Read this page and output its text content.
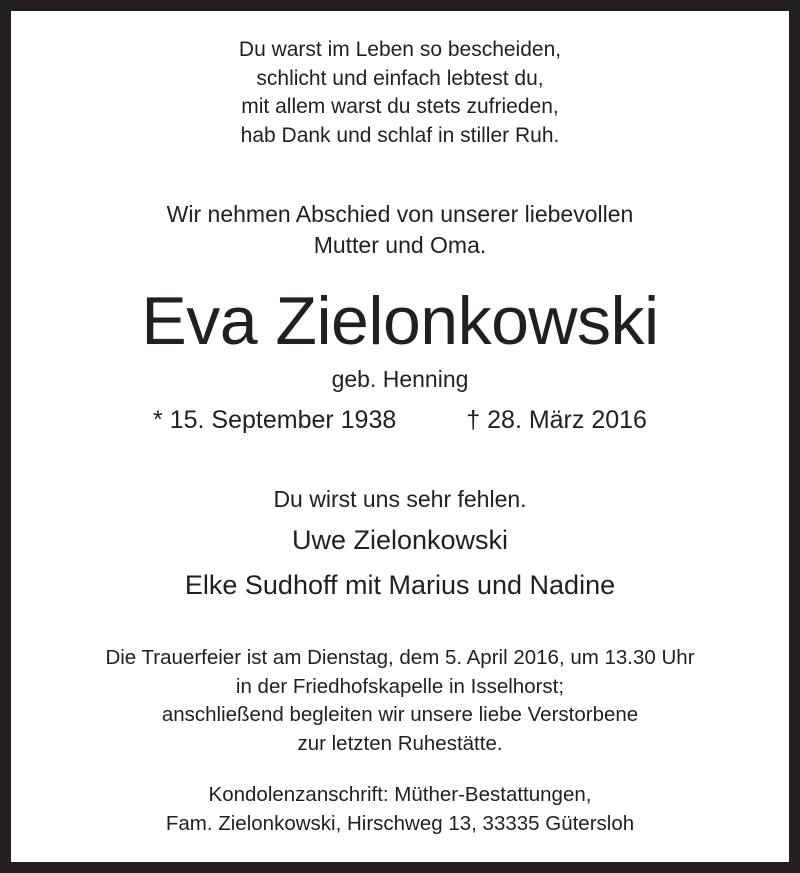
Du warst im Leben so bescheiden,
schlicht und einfach lebtest du,
mit allem warst du stets zufrieden,
hab Dank und schlaf in stiller Ruh.
Wir nehmen Abschied von unserer liebevollen
Mutter und Oma.
Eva Zielonkowski
geb. Henning
* 15. September 1938	† 28. März 2016
Du wirst uns sehr fehlen.
Uwe Zielonkowski
Elke Sudhoff mit Marius und Nadine
Die Trauerfeier ist am Dienstag, dem 5. April 2016, um 13.30 Uhr
in der Friedhofskapelle in Isselhorst;
anschließend begleiten wir unsere liebe Verstorbene
zur letzten Ruhestätte.
Kondolenzanschrift: Müther-Bestattungen,
Fam. Zielonkowski, Hirschweg 13, 33335 Gütersloh
